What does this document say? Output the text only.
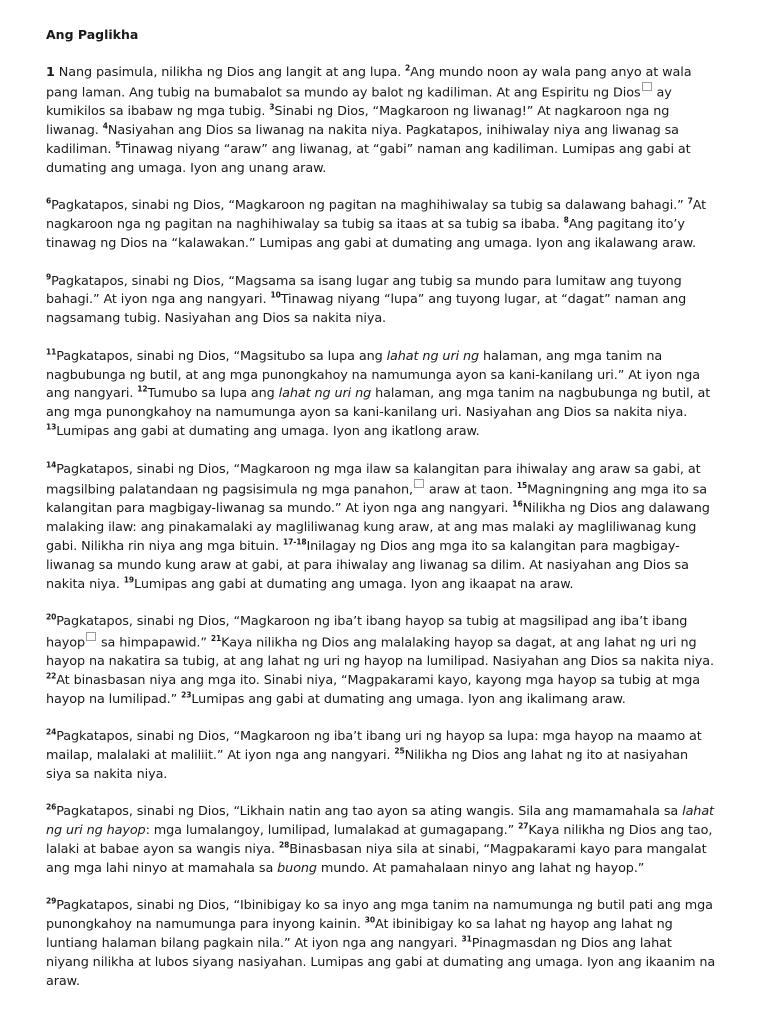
Ang Paglikha
1 Nang pasimula, nilikha ng Dios ang langit at ang lupa. $^2$Ang mundo noon ay wala pang anyo at wala pang laman. Ang tubig na bumabalot sa mundo ay balot ng kadiliman. At ang Espiritu ng Dios ay kumikilos sa ibabaw ng mga tubig. $^3$Sinabi ng Dios, “Magkaroon ng liwanag!” At nagkaroon nga ng liwanag. $^4$Nasiyahan ang Dios sa liwanag na nakita niya. Pagkatapos, inihiwalay niya ang liwanag sa kadiliman. $^5$Tinawag niyang “araw” ang liwanag, at “gabi” naman ang kadiliman. Lumipas ang gabi at dumating ang umaga. Iyon ang unang araw.
$^6$Pagkatapos, sinabi ng Dios, “Magkaroon ng pagitan na maghihiwalay sa tubig sa dalawang bahagi.” $^7$At nagkaroon nga ng pagitan na naghihiwalay sa tubig sa itaas at sa tubig sa ibaba. $^8$Ang pagitang ito’y tinawag ng Dios na “kalawakan.” Lumipas ang gabi at dumating ang umaga. Iyon ang ikalawang araw.
$^9$Pagkatapos, sinabi ng Dios, “Magsama sa isang lugar ang tubig sa mundo para lumitaw ang tuyong bahagi.” At iyon nga ang nangyari. $^{10}$Tinawag niyang “lupa” ang tuyong lugar, at “dagat” naman ang nagsamang tubig. Nasiyahan ang Dios sa nakita niya.
$^{11}$Pagkatapos, sinabi ng Dios, “Magsitubo sa lupa ang lahat ng uri ng halaman, ang mga tanim na nagbubunga ng butil, at ang mga punongkahoy na namumunga ayon sa kani-kanilang uri.” At iyon nga ang nangyari. $^{12}$Tumubo sa lupa ang lahat ng uri ng halaman, ang mga tanim na nagbubunga ng butil, at ang mga punongkahoy na namumunga ayon sa kani-kanilang uri. Nasiyahan ang Dios sa nakita niya. $^{13}$Lumipas ang gabi at dumating ang umaga. Iyon ang ikatlong araw.
$^{14}$Pagkatapos, sinabi ng Dios, “Magkaroon ng mga ilaw sa kalangitan para ihiwalay ang araw sa gabi, at magsilbing palatandaan ng pagsisimula ng mga panahon, araw at taon. $^{15}$Magningning ang mga ito sa kalangitan para magbigay-liwanag sa mundo.” At iyon nga ang nangyari. $^{16}$Nilikha ng Dios ang dalawang malaking ilaw: ang pinakamalaki ay magliliwanag kung araw, at ang mas malaki ay magliliwanag kung gabi. Nilikha rin niya ang mga bituin. $^{17-18}$Inilagay ng Dios ang mga ito sa kalangitan para magbigay-liwanag sa mundo kung araw at gabi, at para ihiwalay ang liwanag sa dilim. At nasiyahan ang Dios sa nakita niya. $^{19}$Lumipas ang gabi at dumating ang umaga. Iyon ang ikaapat na araw.
$^{20}$Pagkatapos, sinabi ng Dios, “Magkaroon ng iba’t ibang hayop sa tubig at magsilipad ang iba’t ibang hayop sa himpapawid.” $^{21}$Kaya nilikha ng Dios ang malalaking hayop sa dagat, at ang lahat ng uri ng hayop na nakatira sa tubig, at ang lahat ng uri ng hayop na lumilipad. Nasiyahan ang Dios sa nakita niya. $^{22}$At binasbasan niya ang mga ito. Sinabi niya, “Magpakarami kayo, kayong mga hayop sa tubig at mga hayop na lumilipad.” $^{23}$Lumipas ang gabi at dumating ang umaga. Iyon ang ikalimang araw.
$^{24}$Pagkatapos, sinabi ng Dios, “Magkaroon ng iba’t ibang uri ng hayop sa lupa: mga hayop na maamo at mailap, malalaki at maliliit.” At iyon nga ang nangyari. $^{25}$Nilikha ng Dios ang lahat ng ito at nasiyahan siya sa nakita niya.
$^{26}$Pagkatapos, sinabi ng Dios, “Likhain natin ang tao ayon sa ating wangis. Sila ang mamamahala sa lahat ng uri ng hayop: mga lumalangoy, lumilipad, lumalakad at gumagapang.” $^{27}$Kaya nilikha ng Dios ang tao, lalaki at babae ayon sa wangis niya. $^{28}$Binasbasan niya sila at sinabi, “Magpakarami kayo para mangalat ang mga lahi ninyo at mamahala sa buong mundo. At pamahalaan ninyo ang lahat ng hayop.”
$^{29}$Pagkatapos, sinabi ng Dios, “Ibinibigay ko sa inyo ang mga tanim na namumunga ng butil pati ang mga punongkahoy na namumunga para inyong kainin. $^{30}$At ibinibigay ko sa lahat ng hayop ang lahat ng luntiang halaman bilang pagkain nila.” At iyon nga ang nangyari. $^{31}$Pinagmasdan ng Dios ang lahat niyang nilikha at lubos siyang nasiyahan. Lumipas ang gabi at dumating ang umaga. Iyon ang ikaanim na araw.
